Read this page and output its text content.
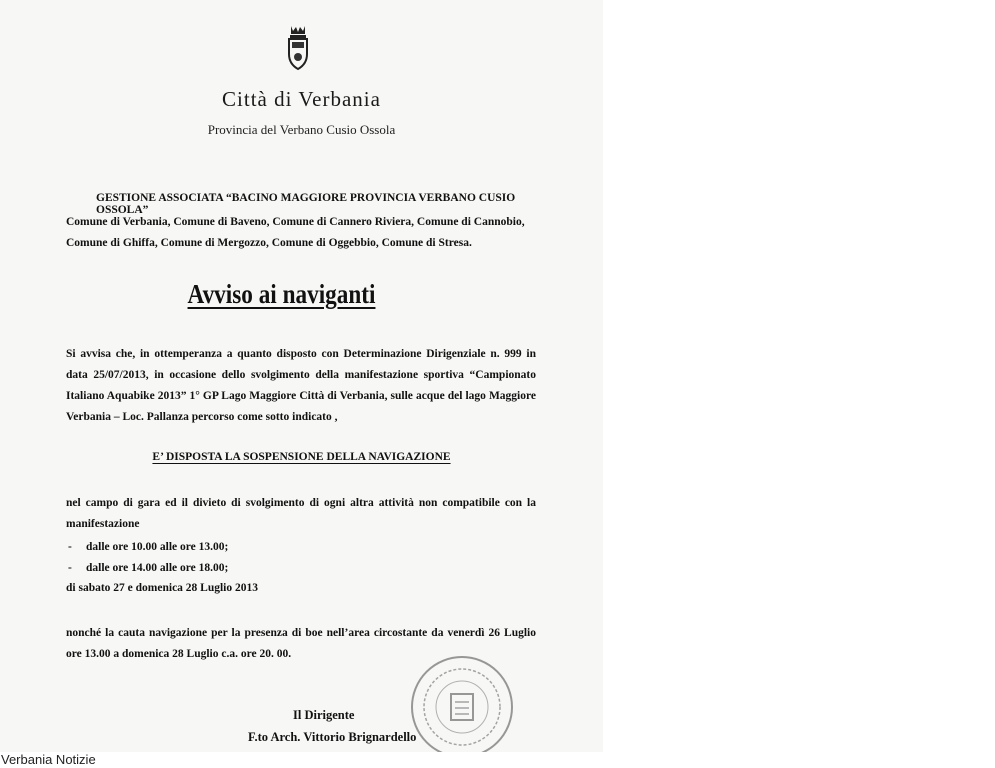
Città di Verbania
Provincia del Verbano Cusio Ossola
GESTIONE ASSOCIATA “BACINO MAGGIORE PROVINCIA VERBANO CUSIO OSSOLA”
Comune di Verbania, Comune di Baveno, Comune di Cannero Riviera, Comune di Cannobio, Comune di Ghiffa, Comune di Mergozzo, Comune di Oggebbio, Comune di Stresa.
Avviso ai naviganti
Si avvisa che, in ottemperanza a quanto disposto con Determinazione Dirigenziale n. 999 in data 25/07/2013, in occasione dello svolgimento della manifestazione sportiva “Campionato Italiano Aquabike 2013” 1° GP Lago Maggiore Città di Verbania, sulle acque del lago Maggiore Verbania – Loc. Pallanza percorso come sotto indicato ,
E’ DISPOSTA LA SOSPENSIONE DELLA NAVIGAZIONE
nel campo di gara ed il divieto di svolgimento di ogni altra attività non compatibile con la manifestazione
- dalle ore 10.00 alle ore 13.00;
- dalle ore 14.00 alle ore 18.00;
di sabato 27 e domenica 28 Luglio 2013
nonché la cauta navigazione per la presenza di boe nell’area circostante da venerdì 26 Luglio ore 13.00 a domenica 28 Luglio c.a. ore 20. 00.
Il Dirigente
F.to Arch. Vittorio Brignardello
Verbania Notizie
